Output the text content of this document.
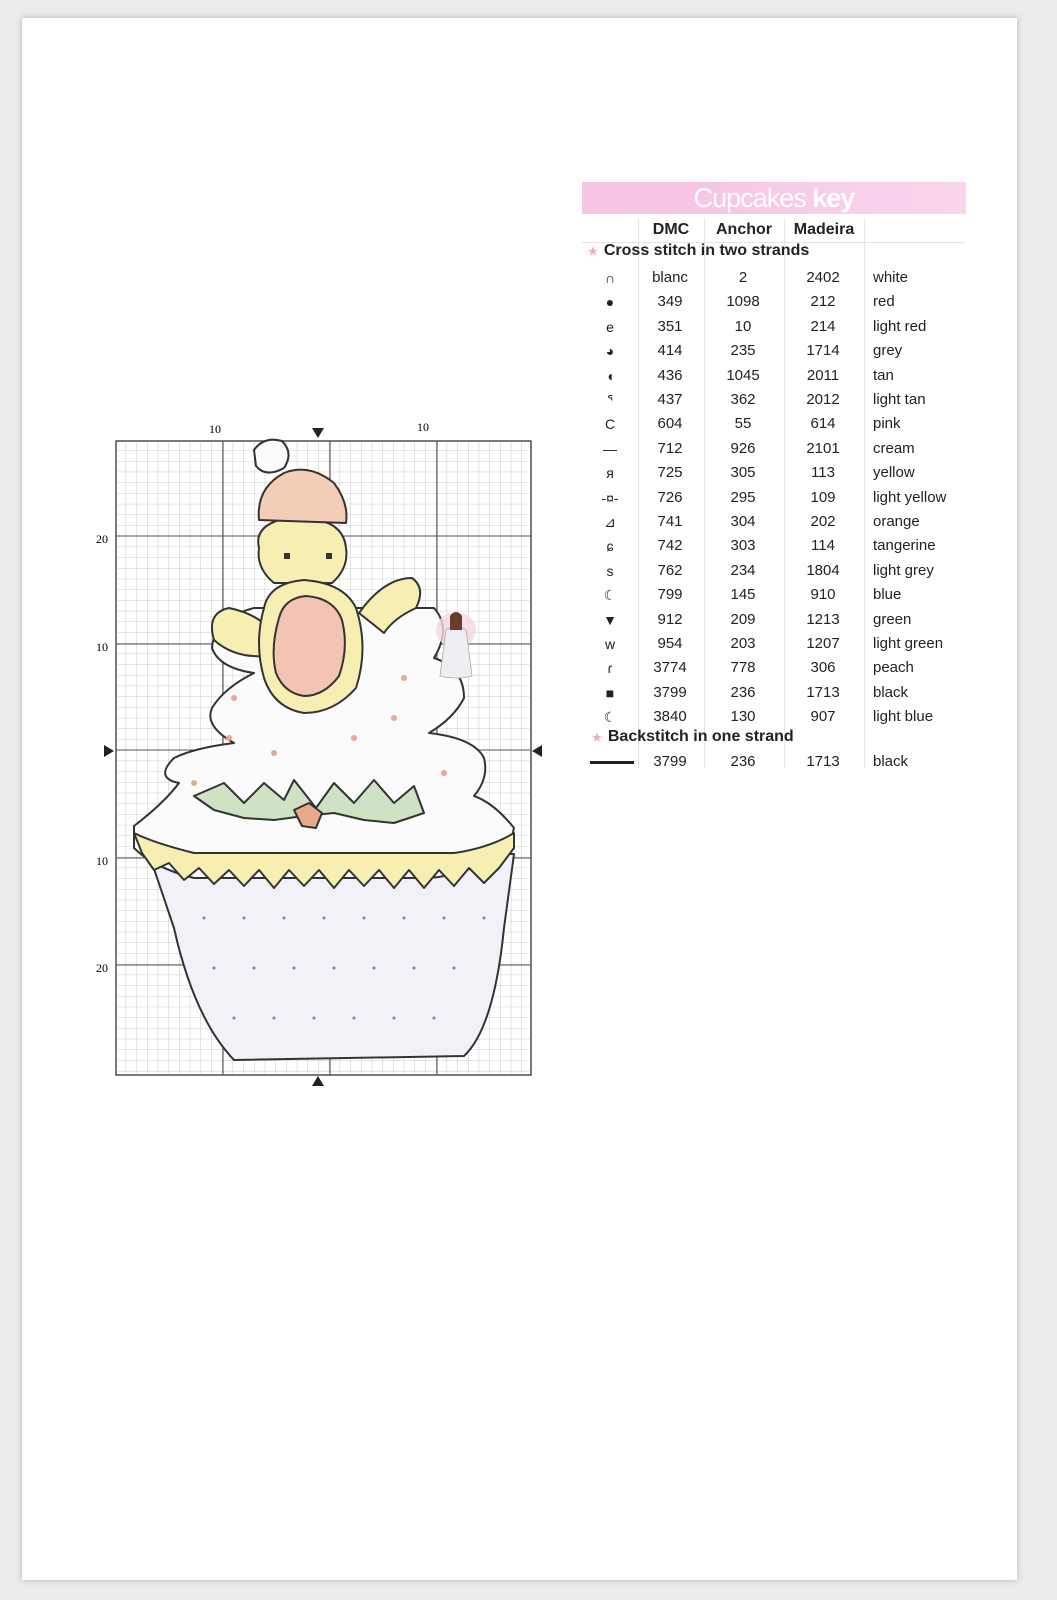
10	10
20
10
10
20
Cupcakes key
DMC	Anchor	Madeira
★ Cross stitch in two strands
∩	blanc	2	2402	white
●	349	1098	212	red
e	351	10	214	light red
◕	414	235	1714	grey
◖	436	1045	2011	tan
ᕐ	437	362	2012	light tan
C	604	55	614	pink
—	712	926	2101	cream
я	725	305	113	yellow
-¤-	726	295	109	light yellow
⊿	741	304	202	orange
ɕ	742	303	114	tangerine
s	762	234	1804	light grey
☾	799	145	910	blue
▼	912	209	1213	green
w	954	203	1207	light green
ɾ	3774	778	306	peach
■	3799	236	1713	black
☾	3840	130	907	light blue
★ Backstitch in one strand
3799	236	1713	black
